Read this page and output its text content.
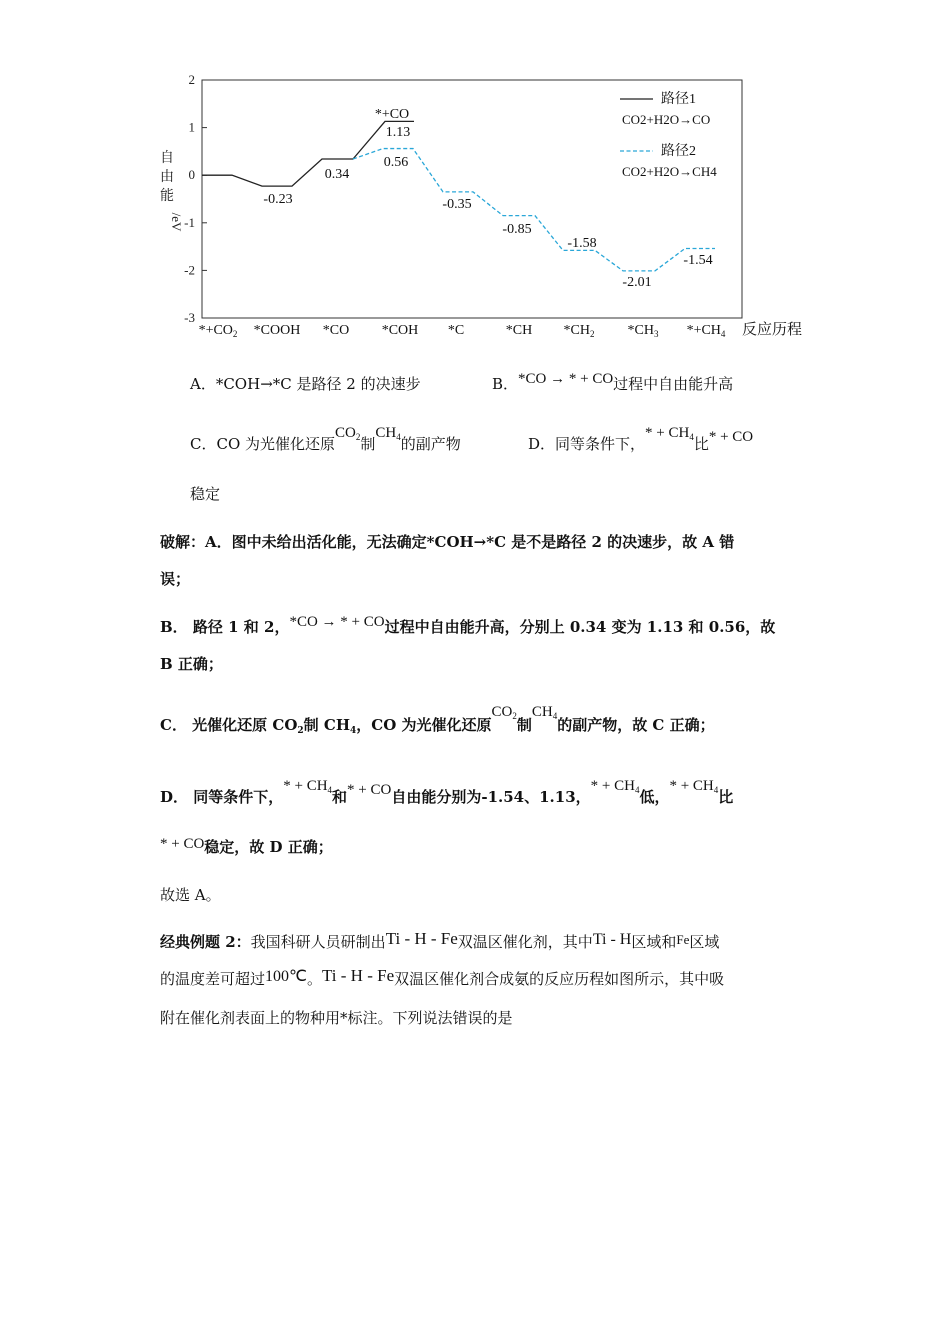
2
1
0
-1
-2
-3
自
由
能
/eV
$*+CO_2$ *COOH *CO *COH *C	*CH $*CH_2$ $*CH_3$ $*+CH_4$ 反应历程
*+CO
1.13
0.56
0.34
-0.23	-0.35
-0.85
-1.58
-2.01
-1.54
路径1
CO2+H2O→CO
路径2
CO2+H2O→CH4
A．*COH→*C 是路径 2 的决速步	B．*CO → * + CO过程中自由能升高
C．CO 为光催化还原$CO_2$制$CH_4$的副产物	D．同等条件下，* + $CH_4$比* + CO
稳定
破解：A．图中未给出活化能，无法确定*COH→*C 是不是路径 2 的决速步，故 A 错
误；
B． 路径 1 和 2，*CO → * + CO过程中自由能升高，分别上 0.34 变为 1.13 和 0.56，故
B 正确；
C． 光催化还原 $CO_2$制 $CH_4$，CO 为光催化还原$CO_2$制$CH_4$的副产物，故 C 正确；
D． 同等条件下，* + $CH_4$和* + CO自由能分别为-1.54、1.13，* + $CH_4$低，* + $CH_4$比
* + CO稳定，故 D 正确；
故选 A。
经典例题 2：我国科研人员研制出Ti - H - Fe双温区催化剂，其中Ti - H区域和Fe区域
的温度差可超过100℃。Ti - H - Fe双温区催化剂合成氨的反应历程如图所示，其中吸
附在催化剂表面上的物种用*标注。下列说法错误的是
